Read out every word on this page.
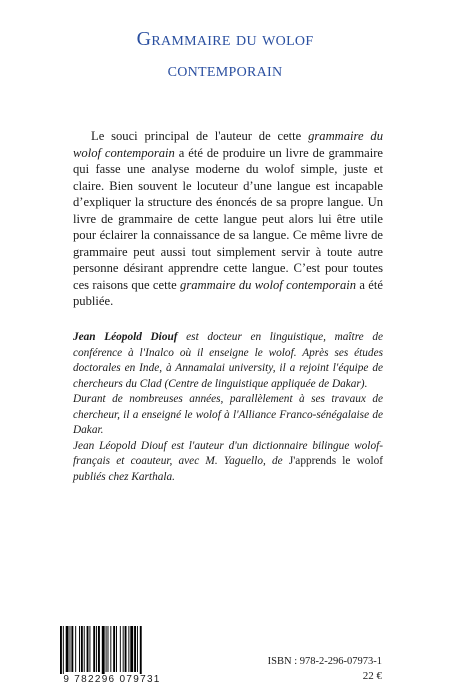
Grammaire du wolof
contemporain

Le souci principal de l'auteur de cette grammaire du wolof contemporain a été de produire un livre de grammaire qui fasse une analyse moderne du wolof simple, juste et claire. Bien souvent le locuteur d’une langue est incapable d’expliquer la structure des énoncés de sa propre langue. Un livre de grammaire de cette langue peut alors lui être utile pour éclairer la connaissance de sa langue. Ce même livre de grammaire peut aussi tout simplement servir à toute autre personne désirant apprendre cette langue. C’est pour toutes ces raisons que cette grammaire du wolof contemporain a été publiée.

Jean Léopold Diouf est docteur en linguistique, maître de conférence à l'Inalco où il enseigne le wolof. Après ses études doctorales en Inde, à Annamalai university, il a rejoint l'équipe de chercheurs du Clad (Centre de linguistique appliquée de Dakar).

Durant de nombreuses années, parallèlement à ses travaux de chercheur, il a enseigné le wolof à l'Alliance Franco-sénégalaise de Dakar.

Jean Léopold Diouf est l'auteur d'un dictionnaire bilingue wolof-français et coauteur, avec M. Yaguello, de J'apprends le wolof publiés chez Karthala.

9 782296 079731
ISBN : 978-2-296-07973-1
22 €
